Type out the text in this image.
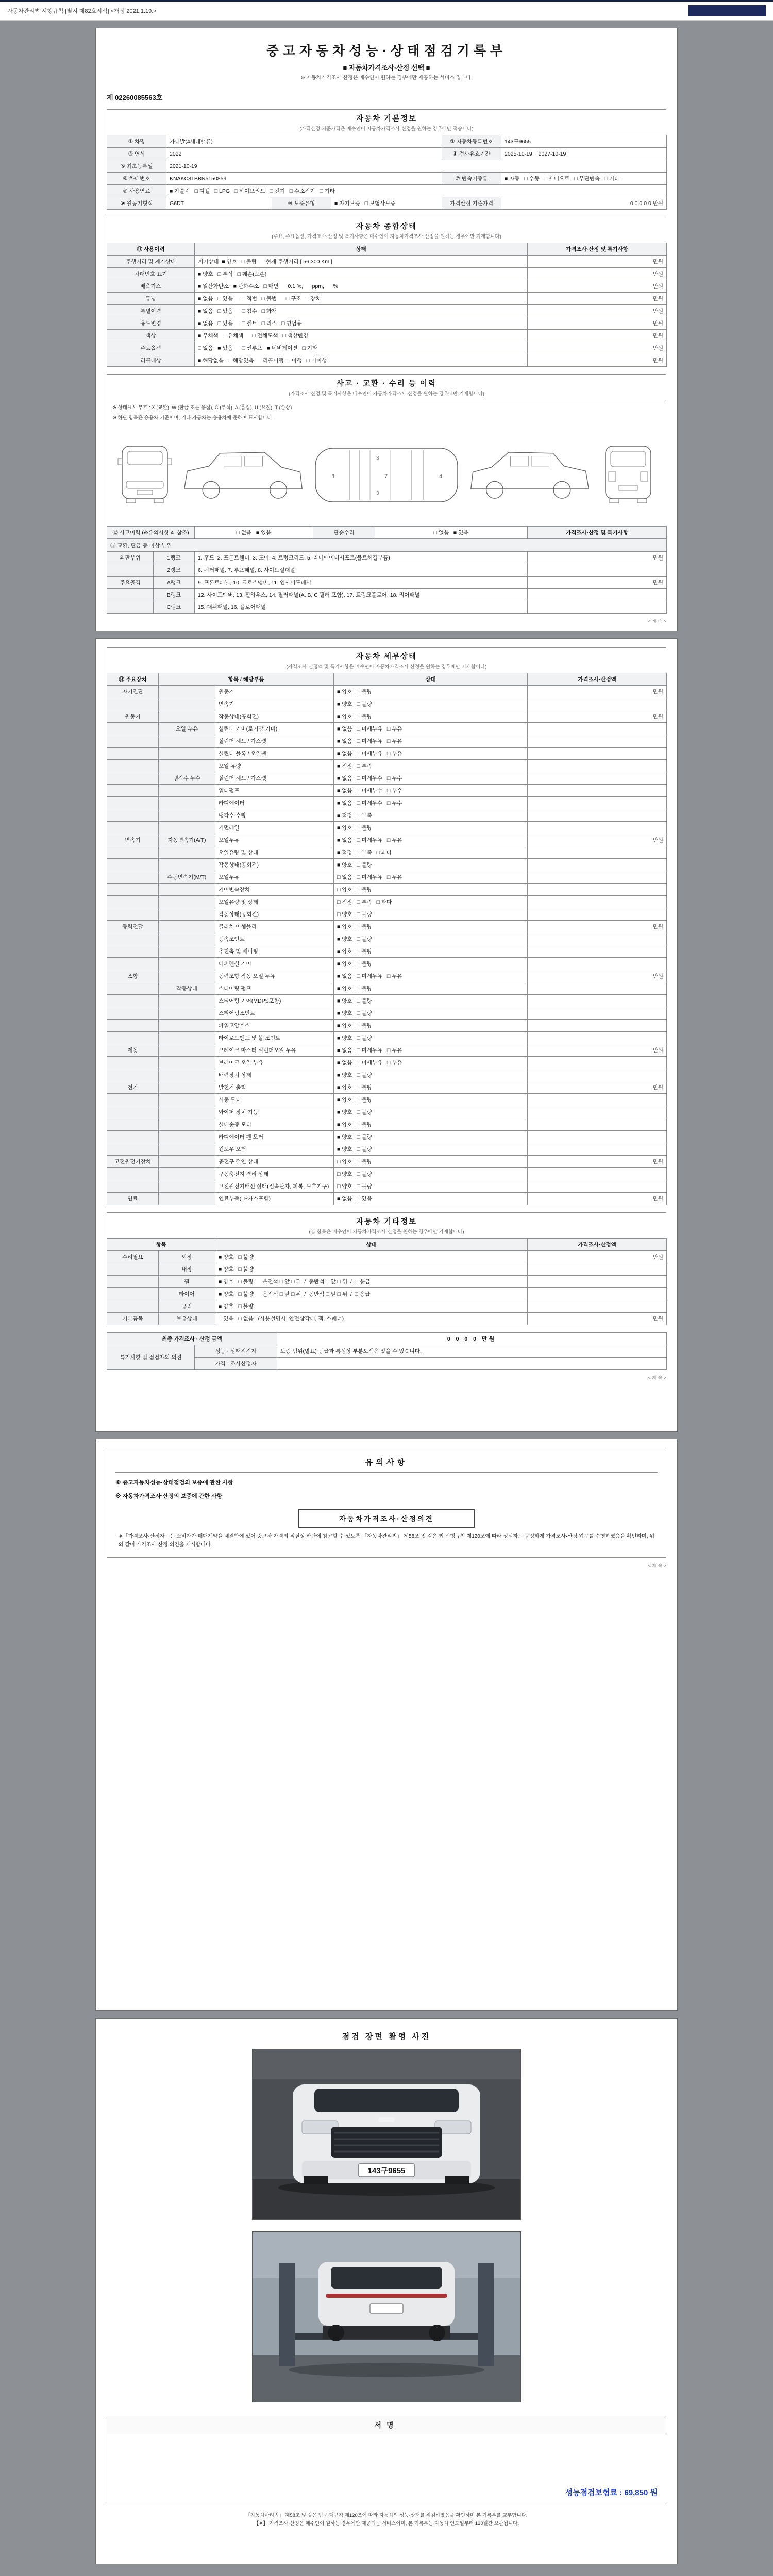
자동차관리법 시행규칙 [별지 제82호서식] <개정 2021.1.19.>
중고자동차성능·상태점검기록부
■ 자동차가격조사·산정 선택 ■
※ 자동차가격조사·산정은 매수인이 원하는 경우에만 제공하는 서비스 입니다.
제 02260085563호
자동차 기본정보
(가격산정 기준가격은 매수인이 자동차가격조사·산정을 원하는 경우에만 적습니다)
① 차명	카니발(4세대밸류)			② 자동차등록번호	143구9655
③ 연식	2022			④ 검사유효기간	2025-10-19 ~ 2027-10-19
⑤ 최초등록일	2021-10-19				
⑥ 차대번호	KNAKC81BBN5150859			⑦ 변속기종류	■ 자동   □ 수동   □ 세미오토   □ 무단변속   □ 기타
⑧ 사용연료	■ 가솔린   □ 디젤   □ LPG   □ 하이브리드   □ 전기   □ 수소전기   □ 기타				
⑨ 원동기형식	G6DT	⑩ 보증유형	■ 자기보증   □ 보험사보증	가격산정 기준가격	0 0 0 0 0 만원
자동차 종합상태
(주요, 주요옵션, 가격조사·산정 및 특기사항은 매수인이 자동차가격조사·산정을 원하는 경우에만 기재합니다)
⑪ 사용이력	상태	가격조사·산정 및 특기사항
주행거리 및 계기상태	계기상태  ■ 양호   □ 불량      현재 주행거리 [ 56,300 Km ]	만원
차대번호 표기	■ 양호   □ 부식   □ 훼손(오손)	만원
배출가스	■ 일산화탄소   ■ 탄화수소   □ 매연      0.1 %,      ppm,      %	만원
튜닝	■ 없음   □ 있음      □ 적법   □ 불법      □ 구조   □ 장치	만원
특별이력	■ 없음   □ 있음      □ 침수   □ 화재	만원
용도변경	■ 없음   □ 있음      □ 렌트   □ 리스   □ 영업용	만원
색상	■ 무채색   □ 유채색      □ 전체도색   □ 색상변경	만원
주요옵션	□ 없음   ■ 있음      □ 썬루프   ■ 네비게이션   □ 기타	만원
리콜대상	■ 해당없음   □ 해당있음      리콜이행  □ 이행   □ 미이행	만원
사고 · 교환 · 수리 등 이력
(가격조사·산정 및 특기사항은 매수인이 자동차가격조사·산정을 원하는 경우에만 기재합니다)
※ 상태표시 부호 : X (교환), W (판금 또는 용접), C (부식), A (흠집), U (요철), T (손상)
※ 하단 항목은 승용차 기준이며, 기타 자동차는 승용차에 준하여 표시합니다.
1	7	4
3
3
⑫ 사고이력 (※유의사항 4. 참조)	□ 없음   ■ 있음	단순수리	□ 없음   ■ 있음	가격조사·산정 및 특기사항
⑬ 교환, 판금 등 이상 부위			
외판부위	1랭크	1. 후드, 2. 프론트휀더, 3. 도어, 4. 트렁크리드, 5. 라디에이터서포트(볼트체결부품)	만원
	2랭크	6. 쿼터패널, 7. 루프패널, 8. 사이드실패널	
주요골격	A랭크	9. 프론트패널, 10. 크로스멤버, 11. 인사이드패널	만원
	B랭크	12. 사이드멤버, 13. 휠하우스, 14. 필러패널(A, B, C 필러 포함), 17. 트렁크플로어, 18. 리어패널	
	C랭크	15. 대쉬패널, 16. 플로어패널	
< 계 속 >
자동차 세부상태
(가격조사·산정액 및 특기사항은 매수인이 자동차가격조사·산정을 원하는 경우에만 기재합니다)
⑭ 주요장치	항목 / 해당부품		상태	가격조사·산정액
자기진단		원동기	■ 양호   □ 불량	만원
		변속기	■ 양호   □ 불량	
원동기		작동상태(공회전)	■ 양호   □ 불량	만원
	오일 누유	실린더 커버(로커암 커버)	■ 없음   □ 미세누유   □ 누유	
		실린더 헤드 / 가스켓	■ 없음   □ 미세누유   □ 누유	
		실린더 블록 / 오일팬	■ 없음   □ 미세누유   □ 누유	
		오일 유량	■ 적정   □ 부족	
	냉각수 누수	실린더 헤드 / 가스켓	■ 없음   □ 미세누수   □ 누수	
		워터펌프	■ 없음   □ 미세누수   □ 누수	
		라디에이터	■ 없음   □ 미세누수   □ 누수	
		냉각수 수량	■ 적정   □ 부족	
		커먼레일	■ 양호   □ 불량	
변속기	자동변속기(A/T)	오일누유	■ 없음   □ 미세누유   □ 누유	만원
		오일유량 및 상태	■ 적정   □ 부족   □ 과다	
		작동상태(공회전)	■ 양호   □ 불량	
	수동변속기(M/T)	오일누유	□ 없음   □ 미세누유   □ 누유	
		기어변속장치	□ 양호   □ 불량	
		오일유량 및 상태	□ 적정   □ 부족   □ 과다	
		작동상태(공회전)	□ 양호   □ 불량	
동력전달		클러치 어셈블리	■ 양호   □ 불량	만원
		등속조인트	■ 양호   □ 불량	
		추진축 및 베어링	■ 양호   □ 불량	
		디퍼렌셜 기어	■ 양호   □ 불량	
조향		동력조향 작동 오일 누유	■ 없음   □ 미세누유   □ 누유	만원
	작동상태	스티어링 펌프	■ 양호   □ 불량	
		스티어링 기어(MDPS포함)	■ 양호   □ 불량	
		스티어링조인트	■ 양호   □ 불량	
		파워고압호스	■ 양호   □ 불량	
		타이로드엔드 및 볼 조인트	■ 양호   □ 불량	
제동		브레이크 마스터 실린더오일 누유	■ 없음   □ 미세누유   □ 누유	만원
		브레이크 오일 누유	■ 없음   □ 미세누유   □ 누유	
		배력장치 상태	■ 양호   □ 불량	
전기		발전기 출력	■ 양호   □ 불량	만원
		시동 모터	■ 양호   □ 불량	
		와이퍼 장치 기능	■ 양호   □ 불량	
		실내송풍 모터	■ 양호   □ 불량	
		라디에이터 팬 모터	■ 양호   □ 불량	
		윈도우 모터	■ 양호   □ 불량	
고전원전기장치		충전구 절연 상태	□ 양호   □ 불량	만원
		구동축전지 격리 상태	□ 양호   □ 불량	
		고전원전기배선 상태(접속단자, 피복, 보호기구)	□ 양호   □ 불량	
연료		연료누출(LP가스포함)	■ 없음   □ 있음	만원
자동차 기타정보
(⑮ 항목은 매수인이 자동차가격조사·산정을 원하는 경우에만 기재합니다)
항목		상태	가격조사·산정액
수리필요	외장	■ 양호   □ 불량	만원
	내장	■ 양호   □ 불량	
	휠	■ 양호   □ 불량      운전석 □ 앞 □ 뒤  /  동반석 □ 앞 □ 뒤  /  □ 응급	
	타이어	■ 양호   □ 불량      운전석 □ 앞 □ 뒤  /  동반석 □ 앞 □ 뒤  /  □ 응급	
	유리	■ 양호   □ 불량	
기본품목	보유상태	□ 있음   □ 없음   (사용설명서, 안전삼각대, 잭, 스패너)	만원
최종 가격조사 · 산정 금액		0 0 0 0 만원
특기사항 및 점검자의 의견	성능 · 상태점검자	보증 범위(별표) 등급과 특성상 부분도색은 있을 수 있습니다.
	가격 · 조사산정자	
< 계 속 >
유의사항
※ 중고자동차성능·상태점검의 보증에 관한 사항

※ 자동차가격조사·산정의 보증에 관한 사항

자동차가격조사·산정의견
※「가격조사·산정자」는 소비자가 매매계약을 체결함에 있어 중고차 가격의 적절성 판단에 참고할 수 있도록 「자동차관리법」 제58조 및 같은 법 시행규칙 제120조에 따라 성실하고 공정하게 가격조사·산정 업무를 수행하였음을 확인하며, 위와 같이 가격조사·산정 의견을 제시합니다.
< 계 속 >
점검 장면 촬영 사진
143구9655
서명
성능점검보험료 : 69,850 원
「자동차관리법」 제58조 및 같은 법 시행규칙 제120조에 따라 자동차의 성능·상태를 점검하였음을 확인하며 본 기록부를 교부합니다.
【※】 가격조사·산정은 매수인이 원하는 경우에만 제공되는 서비스이며, 본 기록부는 자동차 인도일부터 120일간 보관됩니다.
